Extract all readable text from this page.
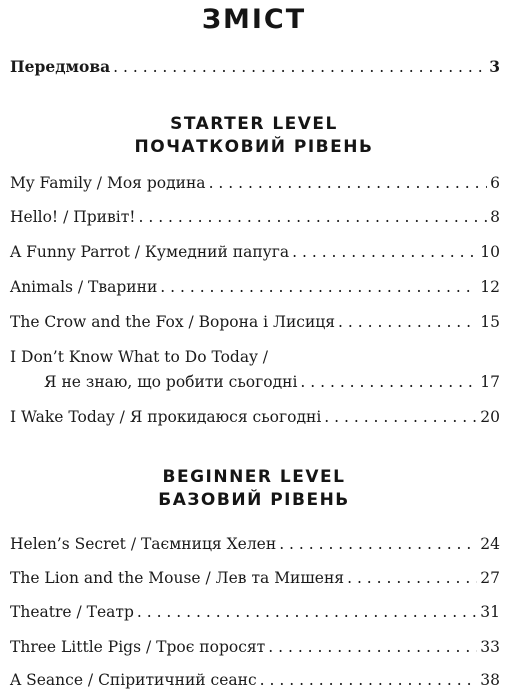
ЗМІСТ
Передмова . . .	3
STARTER LEVEL
ПОЧАТКОВИЙ РІВЕНЬ
My Family / Моя родина . . .	6
Hello! / Привіт! . . .	8
A Funny Parrot / Кумедний папуга . . .	10
Animals / Тварини . . .	12
The Crow and the Fox / Ворона і Лисиця . . .	15
I Don’t Know What to Do Today /
Я не знаю, що робити сьогодні . . .	17
I Wake Today / Я прокидаюся сьогодні . . .	20
BEGINNER LEVEL
БАЗОВИЙ РІВЕНЬ
Helen’s Secret / Таємниця Хелен . . .	24
The Lion and the Mouse / Лев та Мишеня . . .	27
Theatre / Театр . . .	31
Three Little Pigs / Троє поросят . . .	33
A Seance / Спіритичний сеанс . . .	38
